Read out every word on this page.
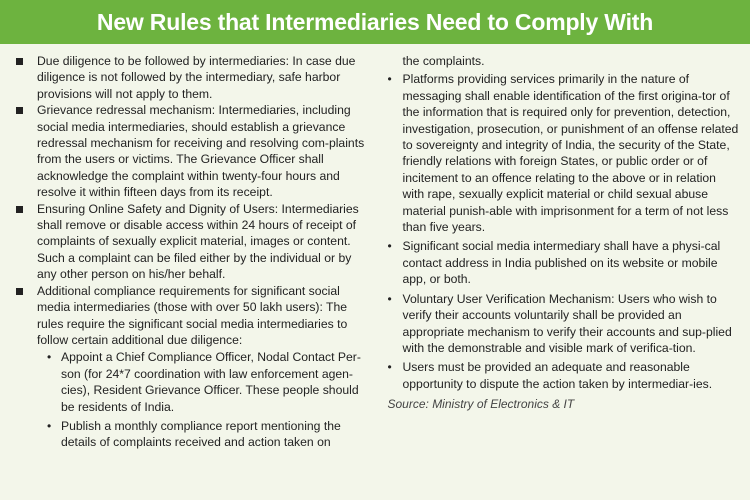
New Rules that Intermediaries Need to Comply With
Due diligence to be followed by intermediaries: In case due diligence is not followed by the intermediary, safe harbor provisions will not apply to them.
Grievance redressal mechanism: Intermediaries, including social media intermediaries, should establish a grievance redressal mechanism for receiving and resolving com-plaints from the users or victims. The Grievance Officer shall acknowledge the complaint within twenty-four hours and resolve it within fifteen days from its receipt.
Ensuring Online Safety and Dignity of Users: Intermediaries shall remove or disable access within 24 hours of receipt of complaints of sexually explicit material, images or content. Such a complaint can be filed either by the individual or by any other person on his/her behalf.
Additional compliance requirements for significant social media intermediaries (those with over 50 lakh users): The rules require the significant social media intermediaries to follow certain additional due diligence:
• Appoint a Chief Compliance Officer, Nodal Contact Per-son (for 24*7 coordination with law enforcement agen-cies), Resident Grievance Officer. These people should be residents of India.
• Publish a monthly compliance report mentioning the details of complaints received and action taken on
the complaints.
• Platforms providing services primarily in the nature of messaging shall enable identification of the first origina-tor of the information that is required only for prevention, detection, investigation, prosecution, or punishment of an offense related to sovereignty and integrity of India, the security of the State, friendly relations with foreign States, or public order or of incitement to an offence relating to the above or in relation with rape, sexually explicit material or child sexual abuse material punish-able with imprisonment for a term of not less than five years.
• Significant social media intermediary shall have a physi-cal contact address in India published on its website or mobile app, or both.
• Voluntary User Verification Mechanism: Users who wish to verify their accounts voluntarily shall be provided an appropriate mechanism to verify their accounts and sup-plied with the demonstrable and visible mark of verifica-tion.
• Users must be provided an adequate and reasonable opportunity to dispute the action taken by intermediar-ies.
Source: Ministry of Electronics & IT
